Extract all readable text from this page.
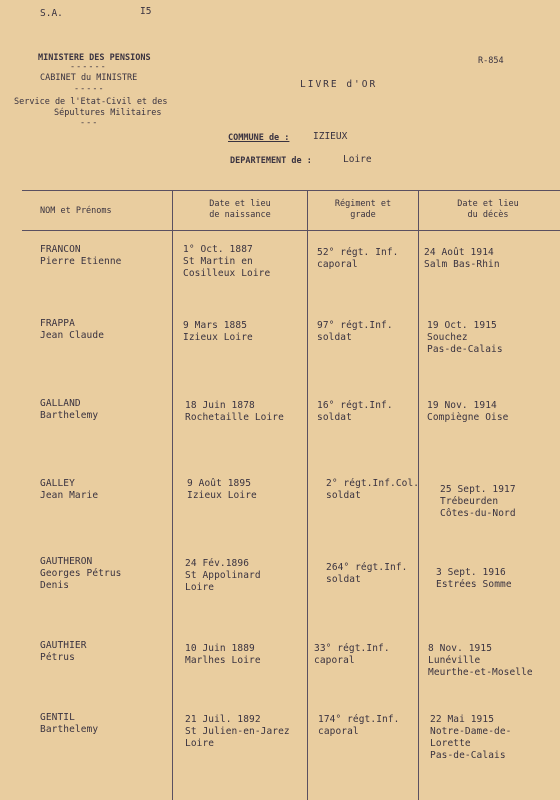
S.A.	I5
R-854
MINISTERE DES PENSIONS
------
CABINET du MINISTRE
-----
Service de l'Etat-Civil et des
Sépultures Militaires
---
LIVRE d'OR
COMMUNE de : IZIEUX
DEPARTEMENT de :	Loire
NOM et Prénoms
Date et lieu
de naissance
Régiment et
grade
Date et lieu
du décès
FRANCON
Pierre Etienne
1° Oct. 1887
St Martin en
Cosilleux Loire
52° régt. Inf.
caporal
24 Août 1914
Salm Bas-Rhin
FRAPPA
Jean Claude
9 Mars 1885
Izieux Loire
97° régt.Inf.
soldat
19 Oct. 1915
Souchez
Pas-de-Calais
GALLAND
Barthelemy
18 Juin 1878
Rochetaille Loire
16° régt.Inf.
soldat
19 Nov. 1914
Compiègne Oise
GALLEY
Jean Marie
9 Août 1895
Izieux Loire
2° régt.Inf.Col.
soldat
25 Sept. 1917
Trébeurden
Côtes-du-Nord
GAUTHERON
Georges Pétrus
Denis
24 Fév.1896
St Appolinard
Loire
264° régt.Inf.
soldat
3 Sept. 1916
Estrées Somme
GAUTHIER
Pétrus
10 Juin 1889
Marlhes Loire
33° régt.Inf.
caporal
8 Nov. 1915
Lunéville
Meurthe-et-Moselle
GENTIL
Barthelemy
21 Juil. 1892
St Julien-en-Jarez
Loire
174° régt.Inf.
caporal
22 Mai 1915
Notre-Dame-de-
Lorette
Pas-de-Calais
